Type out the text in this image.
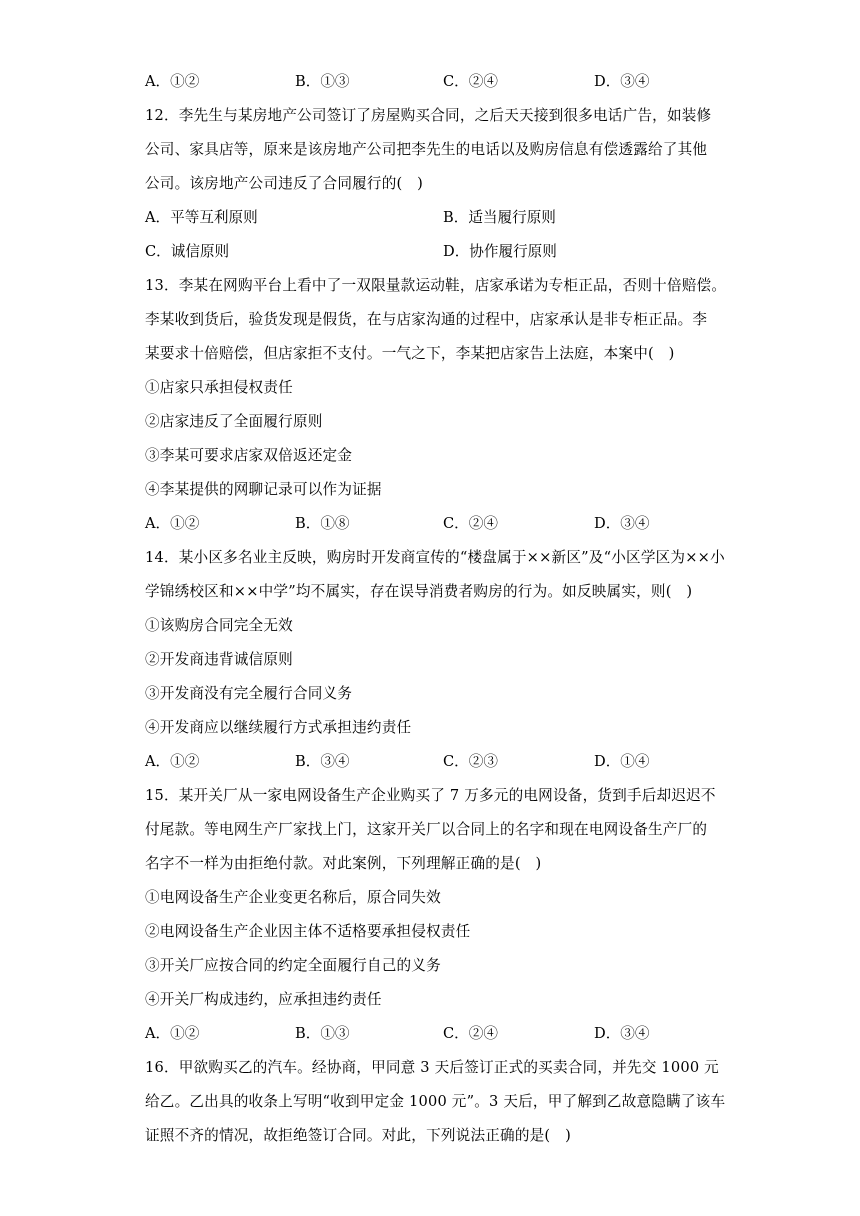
A．①②	B．①③	C．②④	D．③④
12．李先生与某房地产公司签订了房屋购买合同，之后天天接到很多电话广告，如装修
公司、家具店等，原来是该房地产公司把李先生的电话以及购房信息有偿透露给了其他
公司。该房地产公司违反了合同履行的(　)
A．平等互利原则	B．适当履行原则
C．诚信原则	D．协作履行原则
13．李某在网购平台上看中了一双限量款运动鞋，店家承诺为专柜正品，否则十倍赔偿。
李某收到货后，验货发现是假货，在与店家沟通的过程中，店家承认是非专柜正品。李
某要求十倍赔偿，但店家拒不支付。一气之下，李某把店家告上法庭，本案中(　)
①店家只承担侵权责任
②店家违反了全面履行原则
③李某可要求店家双倍返还定金
④李某提供的网聊记录可以作为证据
A．①②	B．①⑧	C．②④	D．③④
14．某小区多名业主反映，购房时开发商宣传的“楼盘属于××新区”及“小区学区为××小
学锦绣校区和××中学”均不属实，存在误导消费者购房的行为。如反映属实，则(　)
①该购房合同完全无效
②开发商违背诚信原则
③开发商没有完全履行合同义务
④开发商应以继续履行方式承担违约责任
A．①②	B．③④	C．②③	D．①④
15．某开关厂从一家电网设备生产企业购买了 7 万多元的电网设备，货到手后却迟迟不
付尾款。等电网生产厂家找上门，这家开关厂以合同上的名字和现在电网设备生产厂的
名字不一样为由拒绝付款。对此案例，下列理解正确的是(　)
①电网设备生产企业变更名称后，原合同失效
②电网设备生产企业因主体不适格要承担侵权责任
③开关厂应按合同的约定全面履行自己的义务
④开关厂构成违约，应承担违约责任
A．①②	B．①③	C．②④	D．③④
16．甲欲购买乙的汽车。经协商，甲同意 3 天后签订正式的买卖合同，并先交 1000 元
给乙。乙出具的收条上写明“收到甲定金 1000 元”。3 天后，甲了解到乙故意隐瞒了该车
证照不齐的情况，故拒绝签订合同。对此，下列说法正确的是(　)
